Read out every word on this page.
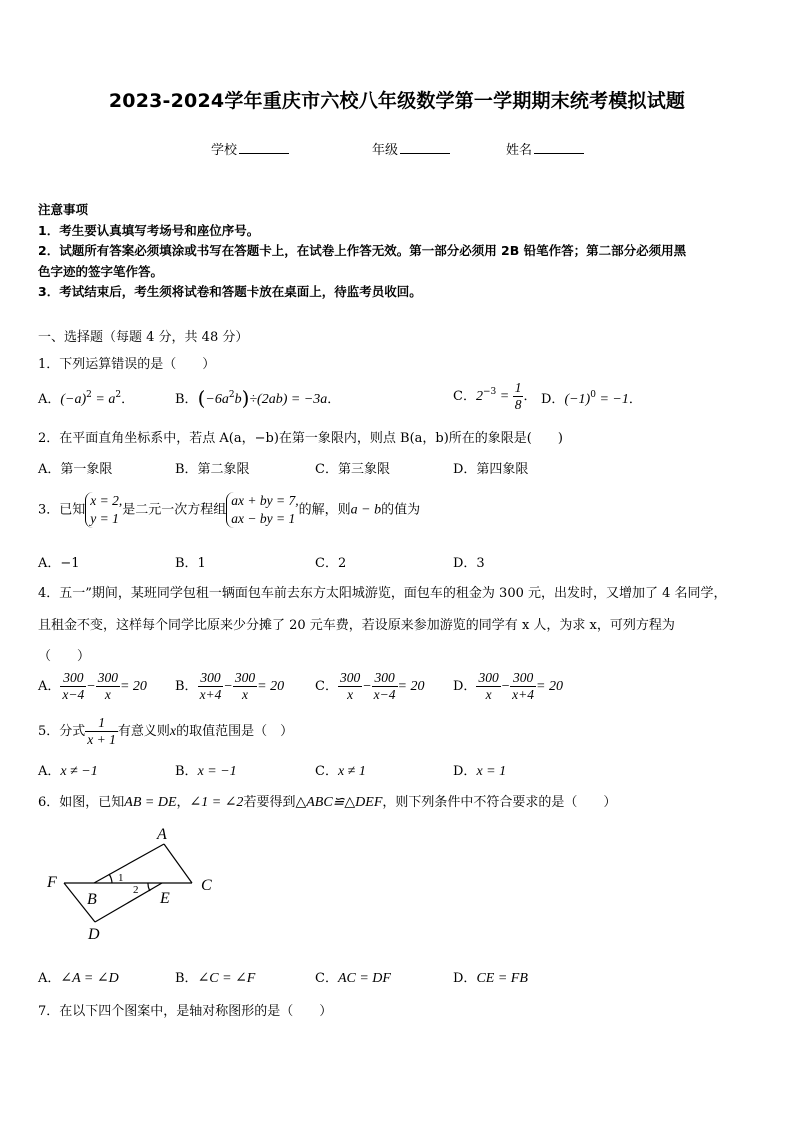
2023-2024学年重庆市六校八年级数学第一学期期末统考模拟试题
学校	年级	姓名
注意事项
1．考生要认真填写考场号和座位序号。
2．试题所有答案必须填涂或书写在答题卡上，在试卷上作答无效。第一部分必须用 2B 铅笔作答；第二部分必须用黑
色字迹的签字笔作答。
3．考试结束后，考生须将试卷和答题卡放在桌面上，待监考员收回。
一、选择题（每题 4 分，共 48 分）
1．下列运算错误的是（　　）
A．$(-a)^2 = a^2$．	B．$(-6a^2b)\div(2ab) = -3a$．	C．$2^{-3} = \frac{1}{8}$ ． D．$(-1)^0 = -1$．
2．在平面直角坐标系中，若点 A(a，−b)在第一象限内，则点 B(a，b)所在的象限是(　　)
A．第一象限	B．第二象限	C．第三象限	D．第四象限
3．已知
x = 2,
y = 1
是二元一次方程组
ax + by = 7,
ax − by = 1
的解，则a − b的值为
A．−1	B．1	C．2	D．3
4．五一”期间，某班同学包租一辆面包车前去东方太阳城游览，面包车的租金为 300 元，出发时，又增加了 4 名同学，
且租金不变，这样每个同学比原来少分摊了 20 元车费，若设原来参加游览的同学有 x 人，为求 x，可列方程为
（　　）
A． $\frac{300}{x-4} - \frac{300}{x} = 20$ B． $\frac{300}{x+4} - \frac{300}{x} = 20$ C． $\frac{300}{x} - \frac{300}{x-4} = 20$ D． $\frac{300}{x} - \frac{300}{x+4} = 20$
5．分式 $\frac{1}{x + 1}$ 有意义则x的取值范围是（　）
A．x ≠ −1	B．x = −1	C．x ≠ 1	D．x = 1
6．如图，已知AB = DE，∠1 = ∠2若要得到△ABC≌△DEF，则下列条件中不符合要求的是（　　）
A
B
C
D
E
F	1
2
A．∠A = ∠D	B．∠C = ∠F	C．AC = DF	D．CE = FB
7．在以下四个图案中，是轴对称图形的是（　　）
